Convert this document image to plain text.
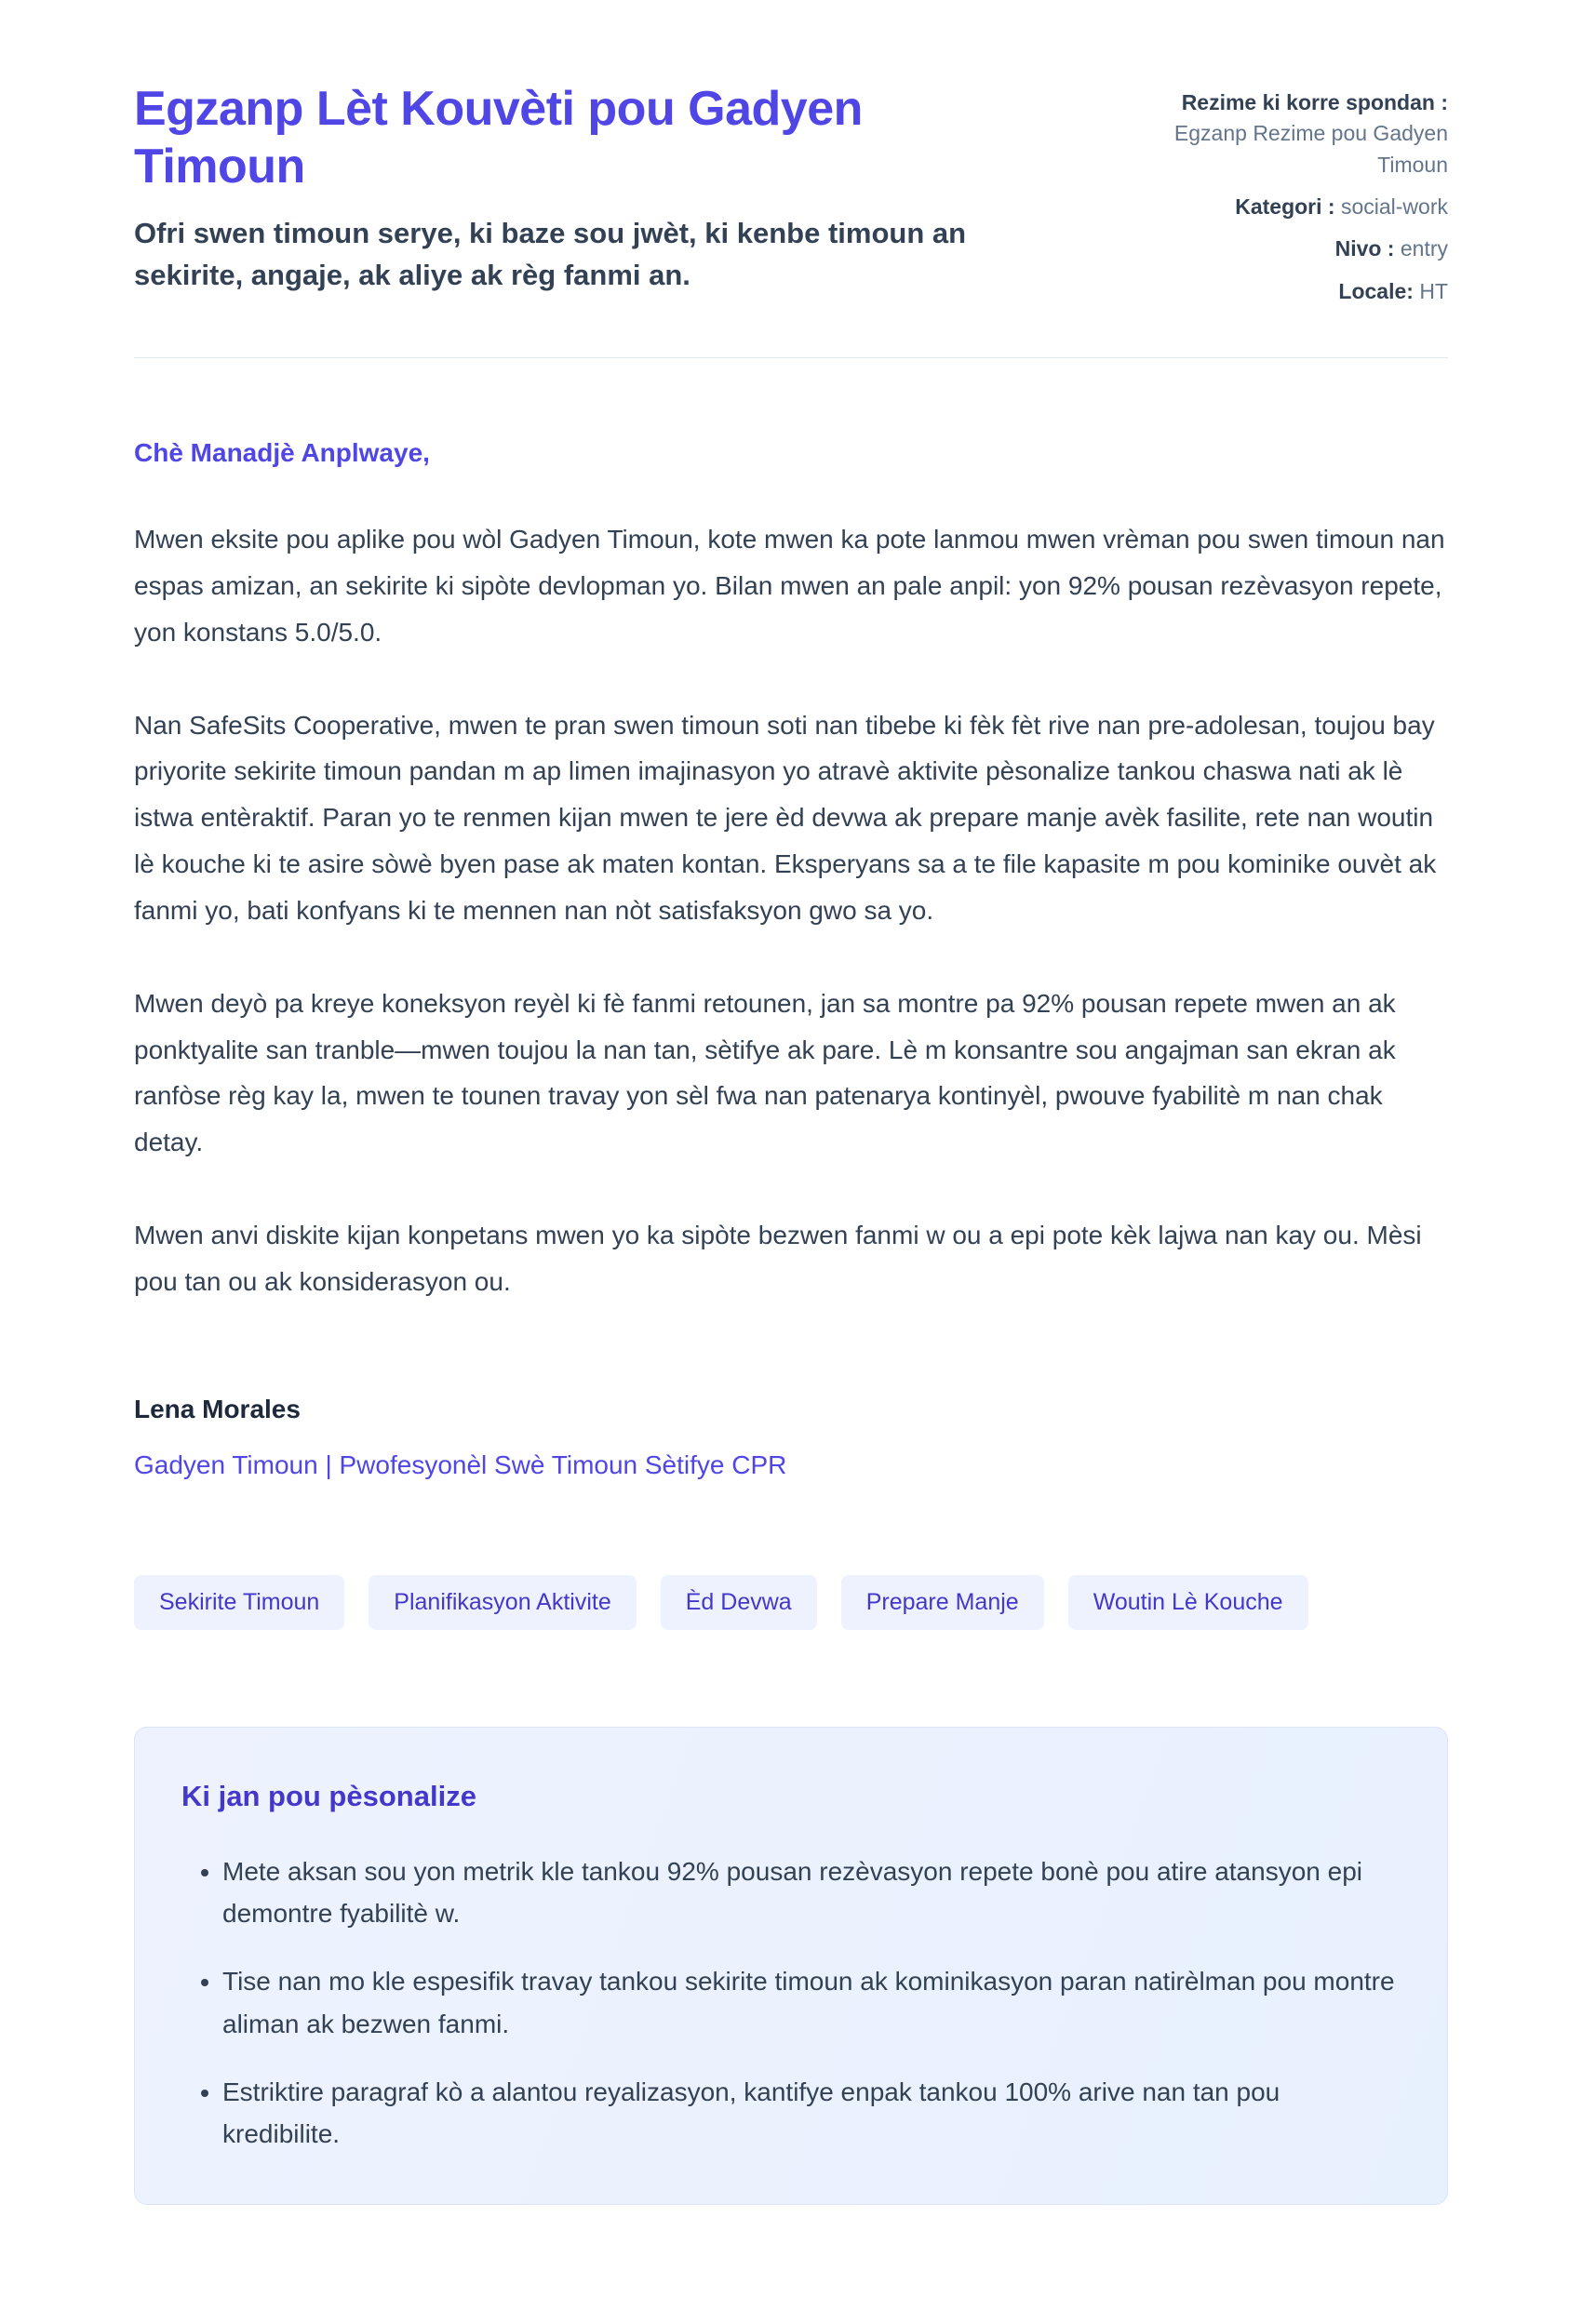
Egzanp Lèt Kouvèti pou Gadyen Timoun

Ofri swen timoun serye, ki baze sou jwèt, ki kenbe timoun an sekirite, angaje, ak aliye ak règ fanmi an.

Rezime ki korre spondan :
Egzanp Rezime pou Gadyen Timoun
Kategori : social-work
Nivo : entry
Locale: HT

Chè Manadjè Anplwaye,

Mwen eksite pou aplike pou wòl Gadyen Timoun, kote mwen ka pote lanmou mwen vrèman pou swen timoun nan espas amizan, an sekirite ki sipòte devlopman yo. Bilan mwen an pale anpil: yon 92% pousan rezèvasyon repete, yon konstans 5.0/5.0.

Nan SafeSits Cooperative, mwen te pran swen timoun soti nan tibebe ki fèk fèt rive nan pre-adolesan, toujou bay priyorite sekirite timoun pandan m ap limen imajinasyon yo atravè aktivite pèsonalize tankou chaswa nati ak lè istwa entèraktif. Paran yo te renmen kijan mwen te jere èd devwa ak prepare manje avèk fasilite, rete nan woutin lè kouche ki te asire sòwè byen pase ak maten kontan. Eksperyans sa a te file kapasite m pou kominike ouvèt ak fanmi yo, bati konfyans ki te mennen nan nòt satisfaksyon gwo sa yo.

Mwen deyò pa kreye koneksyon reyèl ki fè fanmi retounen, jan sa montre pa 92% pousan repete mwen an ak ponktyalite san tranble—mwen toujou la nan tan, sètifye ak pare. Lè m konsantre sou angajman san ekran ak ranfòse règ kay la, mwen te tounen travay yon sèl fwa nan patenarya kontinyèl, pwouve fyabilitè m nan chak detay.

Mwen anvi diskite kijan konpetans mwen yo ka sipòte bezwen fanmi w ou a epi pote kèk lajwa nan kay ou. Mèsi pou tan ou ak konsiderasyon ou.

Lena Morales

Gadyen Timoun | Pwofesyonèl Swè Timoun Sètifye CPR

Sekirite Timoun	Planifikasyon Aktivite	Èd Devwa	Prepare Manje	Woutin Lè Kouche
Ki jan pou pèsonalize
• Mete aksan sou yon metrik kle tankou 92% pousan rezèvasyon repete bonè pou atire atansyon epi demontre fyabilitè w.
• Tise nan mo kle espesifik travay tankou sekirite timoun ak kominikasyon paran natirèlman pou montre aliman ak bezwen fanmi.
• Estriktire paragraf kò a alantou reyalizasyon, kantifye enpak tankou 100% arive nan tan pou kredibilite.
